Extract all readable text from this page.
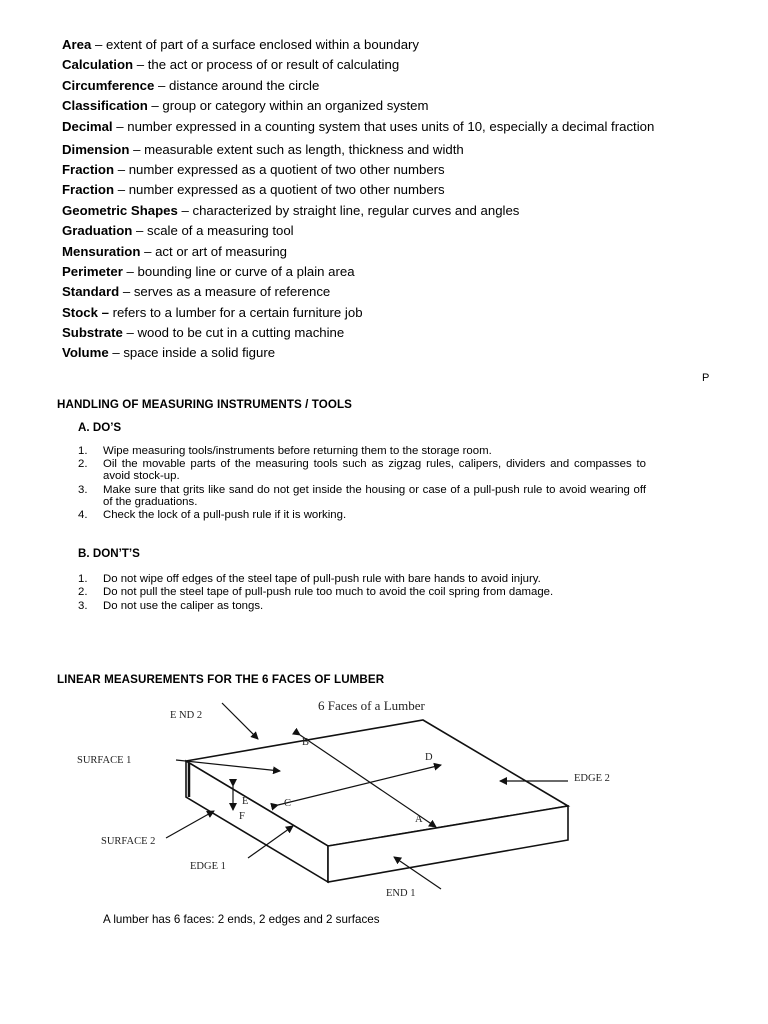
Area – extent of part of a surface enclosed within a boundary
Calculation – the act or process of or result of calculating
Circumference – distance around the circle
Classification – group or category within an organized system
Decimal – number expressed in a counting system that uses units of 10, especially a decimal fraction
Dimension – measurable extent such as length, thickness and width
Fraction – number expressed as a quotient of two other numbers
Fraction – number expressed as a quotient of two other numbers
Geometric Shapes – characterized by straight line, regular curves and angles
Graduation – scale of a measuring tool
Mensuration – act or art of measuring
Perimeter – bounding line or curve of a plain area
Standard – serves as a measure of reference
Stock – refers to a lumber for a certain furniture job
Substrate – wood to be cut in a cutting machine
Volume – space inside a solid figure
P
HANDLING OF MEASURING INSTRUMENTS / TOOLS
A. DO’S
1. Wipe measuring tools/instruments before returning them to the storage room.
2. Oil the movable parts of the measuring tools such as zigzag rules, calipers, dividers and compasses to avoid stock-up.
3. Make sure that grits like sand do not get inside the housing or case of a pull-push rule to avoid wearing off of the graduations.
4. Check the lock of a pull-push rule if it is working.
B. DON’T’S
1. Do not wipe off edges of the steel tape of pull-push rule with bare hands to avoid injury.
2. Do not pull the steel tape of pull-push rule too much to avoid the coil spring from damage.
3. Do not use the caliper as tongs.
LINEAR MEASUREMENTS FOR THE 6 FACES OF LUMBER
6 Faces of a Lumber
B
D
A
C
E
F
E ND 2
SURFACE 1
SURFACE 2
EDGE 1
EDGE 2
END 1
A lumber has 6 faces: 2 ends, 2 edges and 2 surfaces
